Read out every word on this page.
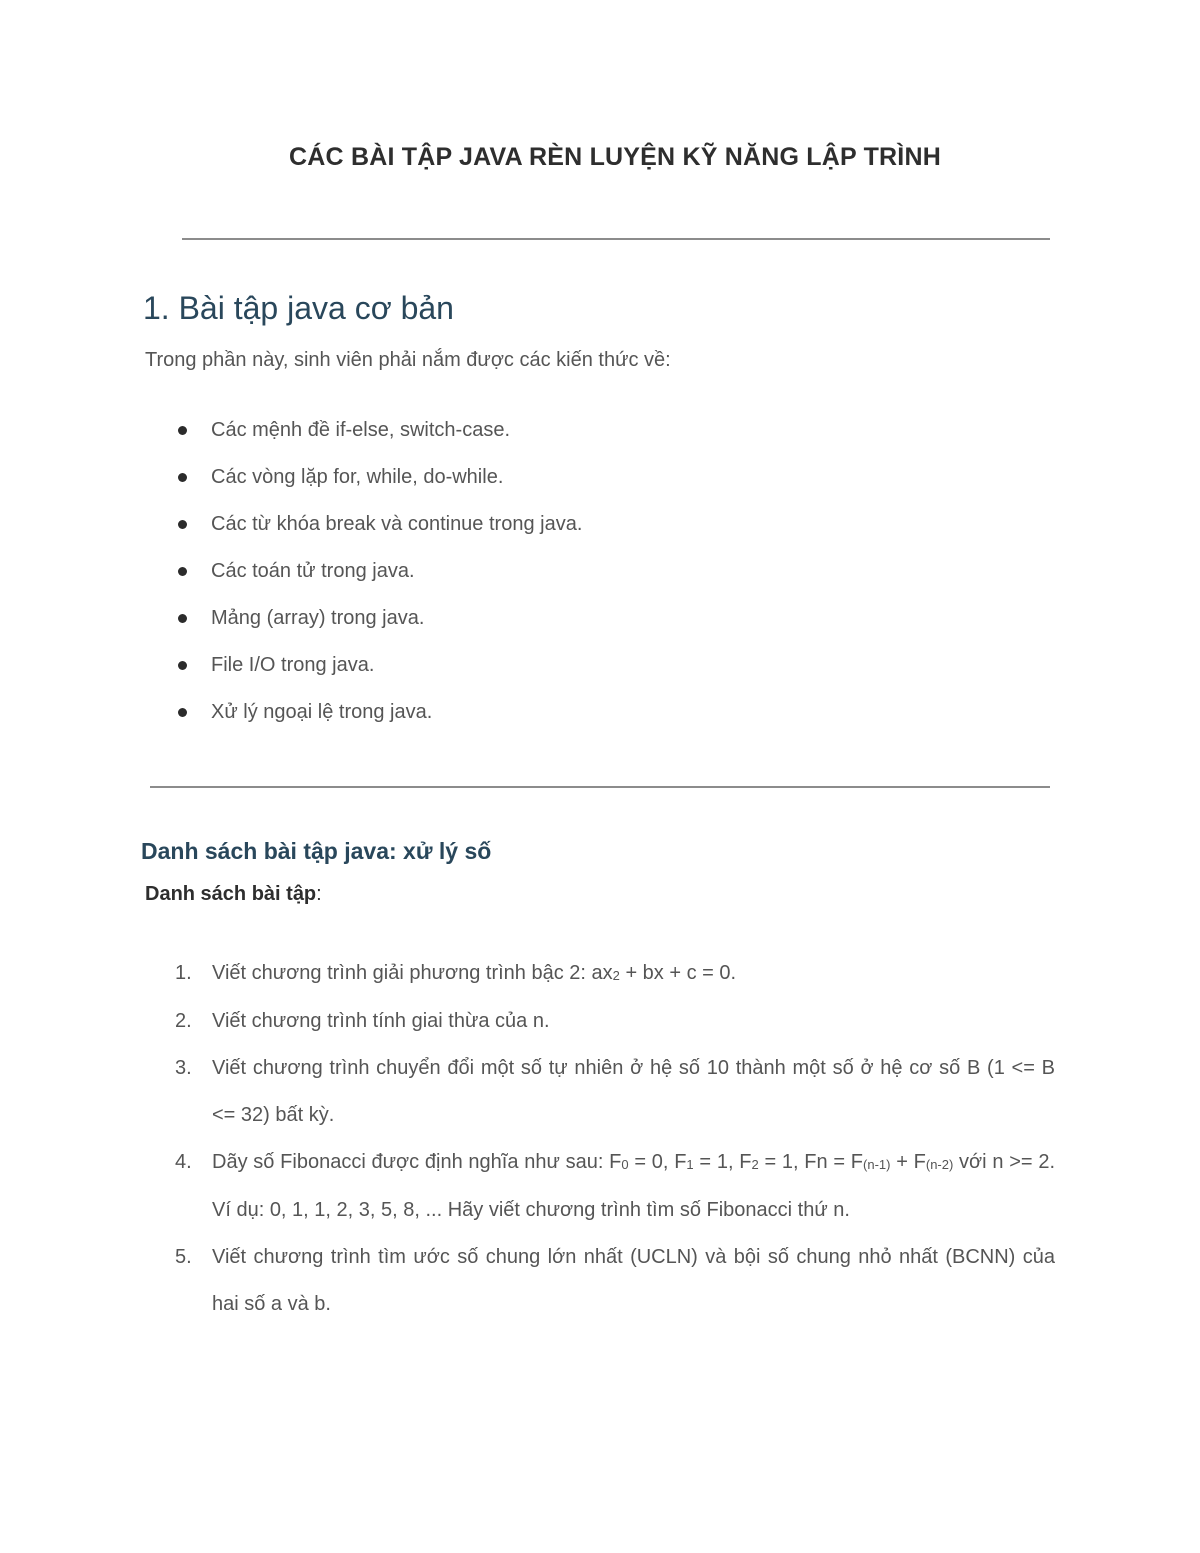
CÁC BÀI TẬP JAVA RÈN LUYỆN KỸ NĂNG LẬP TRÌNH
1. Bài tập java cơ bản
Trong phần này, sinh viên phải nắm được các kiến thức về:
Các mệnh đề if-else, switch-case.
Các vòng lặp for, while, do-while.
Các từ khóa break và continue trong java.
Các toán tử trong java.
Mảng (array) trong java.
File I/O trong java.
Xử lý ngoại lệ trong java.
Danh sách bài tập java: xử lý số
Danh sách bài tập:
1. Viết chương trình giải phương trình bậc 2: ax2 + bx + c = 0.
2. Viết chương trình tính giai thừa của n.
3. Viết chương trình chuyển đổi một số tự nhiên ở hệ số 10 thành một số ở hệ cơ số B (1 <= B <= 32) bất kỳ.
4. Dãy số Fibonacci được định nghĩa như sau: F0 = 0, F1 = 1, F2 = 1, Fn = F(n-1) + F(n-2) với n >= 2. Ví dụ: 0, 1, 1, 2, 3, 5, 8, ... Hãy viết chương trình tìm số Fibonacci thứ n.
5. Viết chương trình tìm ước số chung lớn nhất (UCLN) và bội số chung nhỏ nhất (BCNN) của hai số a và b.
